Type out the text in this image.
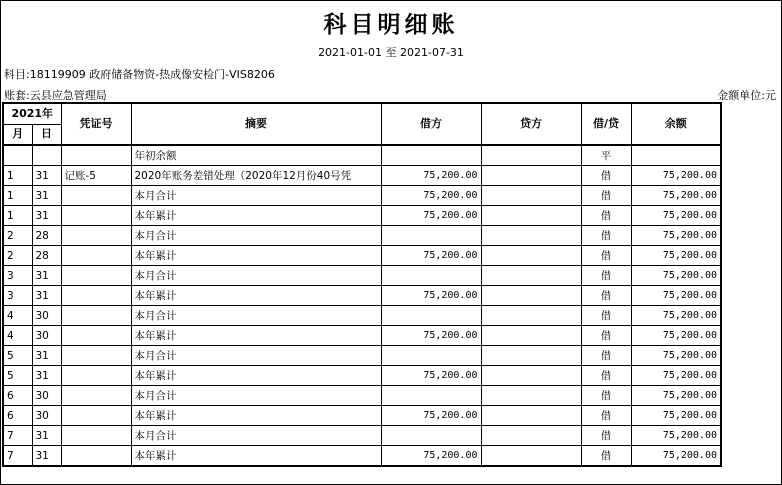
科目明细账
2021-01-01 至 2021-07-31
科目:18119909 政府储备物资-热成像安检门-VIS8206
账套:云县应急管理局	金额单位:元
2021年		凭证号	摘要	借方	贷方	借/贷	余额
月	日						
			年初余额			平	
1	31	记账-5	2020年账务差错处理（2020年12月份40号凭	75,200.00		借	75,200.00
1	31		本月合计	75,200.00		借	75,200.00
1	31		本年累计	75,200.00		借	75,200.00
2	28		本月合计			借	75,200.00
2	28		本年累计	75,200.00		借	75,200.00
3	31		本月合计			借	75,200.00
3	31		本年累计	75,200.00		借	75,200.00
4	30		本月合计			借	75,200.00
4	30		本年累计	75,200.00		借	75,200.00
5	31		本月合计			借	75,200.00
5	31		本年累计	75,200.00		借	75,200.00
6	30		本月合计			借	75,200.00
6	30		本年累计	75,200.00		借	75,200.00
7	31		本月合计			借	75,200.00
7	31		本年累计	75,200.00		借	75,200.00
